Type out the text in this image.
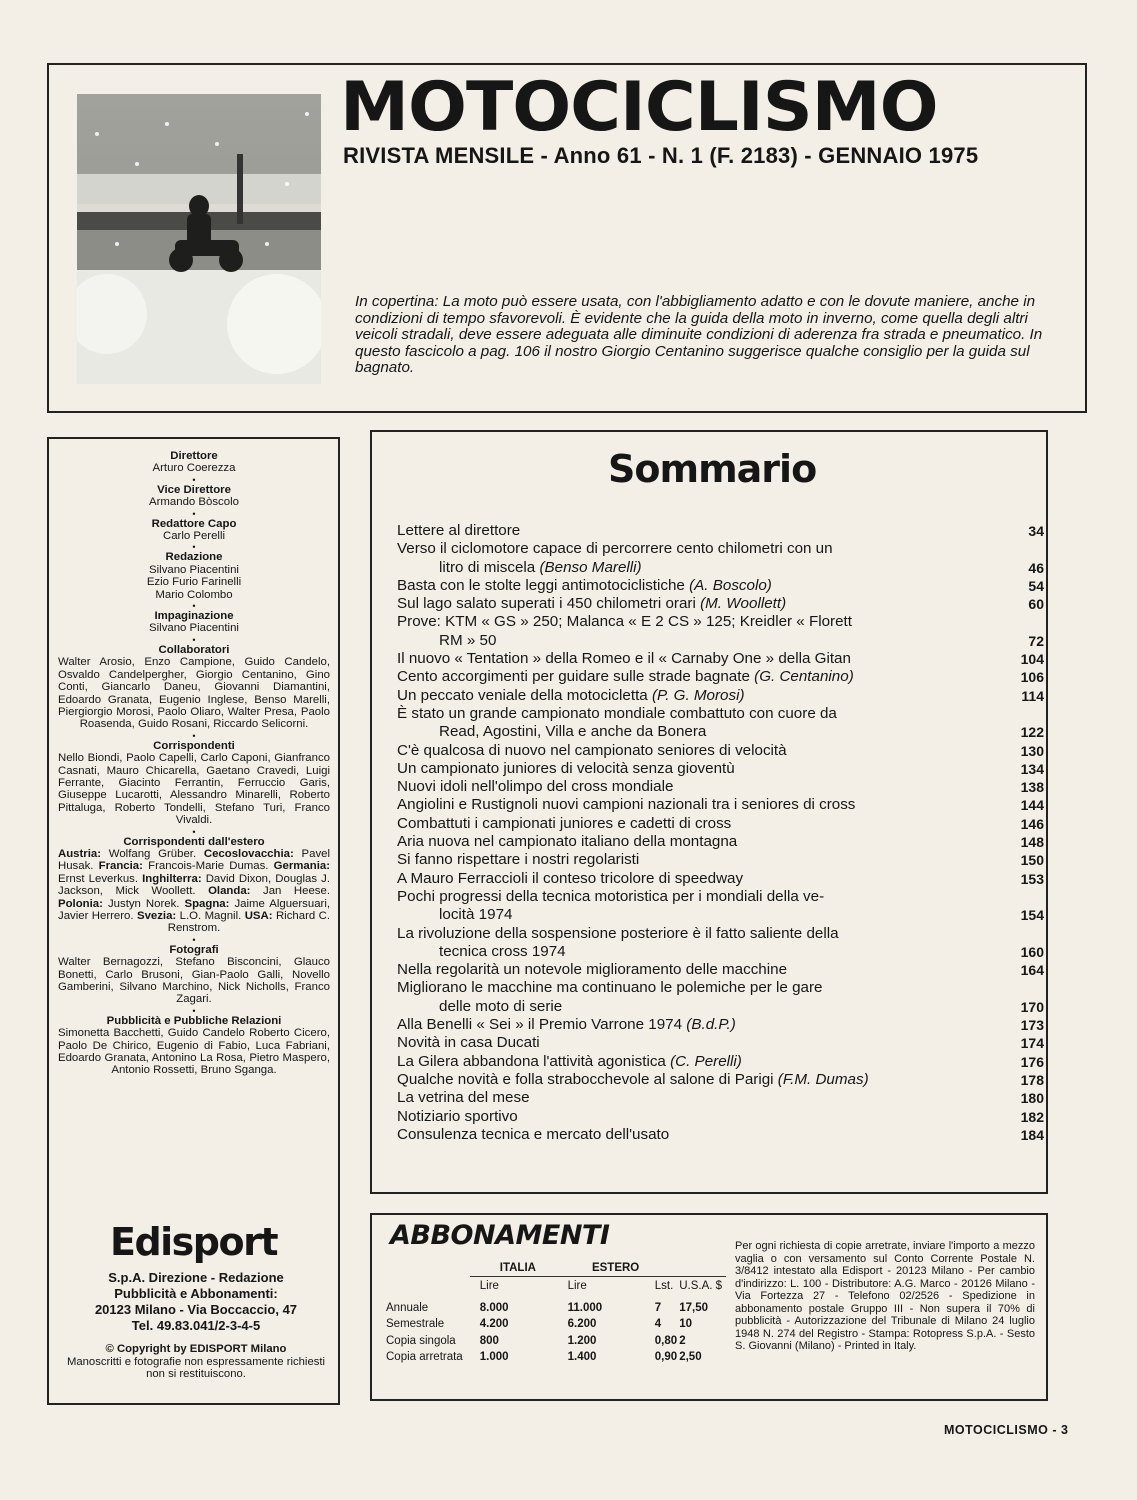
MOTOCICLISMO
RIVISTA MENSILE - Anno 61 - N. 1 (F. 2183) - GENNAIO 1975
In copertina: La moto può essere usata, con l'abbigliamento adatto e con le dovute maniere, anche in condizioni di tempo sfavorevoli. È evidente che la guida della moto in inverno, come quella degli altri veicoli stradali, deve essere adeguata alle diminuite condizioni di aderenza fra strada e pneumatico. In questo fascicolo a pag. 106 il nostro Giorgio Centanino suggerisce qualche consiglio per la guida sul bagnato.
Direttore
Arturo Coerezza
•
Vice Direttore
Armando Bòscolo
•
Redattore Capo
Carlo Perelli
•
Redazione
Silvano Piacentini
Ezio Furio Farinelli
Mario Colombo
•
Impaginazione
Silvano Piacentini
•
Collaboratori
Walter Arosio, Enzo Campione, Guido Candelo, Osvaldo Candelpergher, Giorgio Centanino, Gino Conti, Giancarlo Daneu, Giovanni Diamantini, Edoardo Granata, Eugenio Inglese, Benso Marelli, Piergiorgio Morosi, Paolo Oliaro, Walter Presa, Paolo Roasenda, Guido Rosani, Riccardo Selicorni.
•
Corrispondenti
Nello Biondi, Paolo Capelli, Carlo Caponi, Gianfranco Casnati, Mauro Chicarella, Gaetano Cravedi, Luigi Ferrante, Giacinto Ferrantin, Ferruccio Garis, Giuseppe Lucarotti, Alessandro Minarelli, Roberto Pittaluga, Roberto Tondelli, Stefano Turi, Franco Vivaldi.
•
Corrispondenti dall'estero
Austria: Wolfang Grüber. Cecoslovacchia: Pavel Husak. Francia: Francois-Marie Dumas. Germania: Ernst Leverkus. Inghilterra: David Dixon, Douglas J. Jackson, Mick Woollett. Olanda: Jan Heese. Polonia: Justyn Norek. Spagna: Jaime Alguersuari, Javier Herrero. Svezia: L.O. Magnil. USA: Richard C. Renstrom.
•
Fotografi
Walter Bernagozzi, Stefano Bisconcini, Glauco Bonetti, Carlo Brusoni, Gian-Paolo Galli, Novello Gamberini, Silvano Marchino, Nick Nicholls, Franco Zagari.
•
Pubblicità e Pubbliche Relazioni
Simonetta Bacchetti, Guido Candelo Roberto Cicero, Paolo De Chirico, Eugenio di Fabio, Luca Fabriani, Edoardo Granata, Antonino La Rosa, Pietro Maspero, Antonio Rossetti, Bruno Sganga.
Edisport
S.p.A. Direzione - Redazione
Pubblicità e Abbonamenti:
20123 Milano - Via Boccaccio, 47
Tel. 49.83.041/2-3-4-5
© Copyright by EDISPORT Milano
Manoscritti e fotografie non espressamente richiesti non si restituiscono.
Sommario
Lettere al direttore	34
Verso il ciclomotore capace di percorrere cento chilometri con un
litro di miscela (Benso Marelli)	46
Basta con le stolte leggi antimotociclistiche (A. Boscolo)	54
Sul lago salato superati i 450 chilometri orari (M. Woollett)	60
Prove: KTM « GS » 250; Malanca « E 2 CS » 125; Kreidler « Florett
RM » 50	72
Il nuovo « Tentation » della Romeo e il « Carnaby One » della Gitan	104
Cento accorgimenti per guidare sulle strade bagnate (G. Centanino)	106
Un peccato veniale della motocicletta (P. G. Morosi)	114
È stato un grande campionato mondiale combattuto con cuore da
Read, Agostini, Villa e anche da Bonera	122
C'è qualcosa di nuovo nel campionato seniores di velocità	130
Un campionato juniores di velocità senza gioventù	134
Nuovi idoli nell'olimpo del cross mondiale	138
Angiolini e Rustignoli nuovi campioni nazionali tra i seniores di cross	144
Combattuti i campionati juniores e cadetti di cross	146
Aria nuova nel campionato italiano della montagna	148
Si fanno rispettare i nostri regolaristi	150
A Mauro Ferraccioli il conteso tricolore di speedway	153
Pochi progressi della tecnica motoristica per i mondiali della ve-
locità 1974	154
La rivoluzione della sospensione posteriore è il fatto saliente della
tecnica cross 1974	160
Nella regolarità un notevole miglioramento delle macchine	164
Migliorano le macchine ma continuano le polemiche per le gare
delle moto di serie	170
Alla Benelli « Sei » il Premio Varrone 1974 (B.d.P.)	173
Novità in casa Ducati	174
La Gilera abbandona l'attività agonistica (C. Perelli)	176
Qualche novità e folla strabocchevole al salone di Parigi (F.M. Dumas)	178
La vetrina del mese	180
Notiziario sportivo	182
Consulenza tecnica e mercato dell'usato	184
ABBONAMENTI
	ITALIA ESTERO			
	Lire	Lire	Lst.	U.S.A. $

Annuale	8.000	11.000	7	17,50
Semestrale	4.200	6.200	4	10
Copia singola	800	1.200	0,80	2
Copia arretrata	1.000	1.400	0,90	2,50
Per ogni richiesta di copie arretrate, inviare l'importo a mezzo vaglia o con versamento sul Conto Corrente Postale N. 3/8412 intestato alla Edisport - 20123 Milano - Per cambio d'indirizzo: L. 100 - Distributore: A.G. Marco - 20126 Milano - Via Fortezza 27 - Telefono 02/2526 - Spedizione in abbonamento postale Gruppo III - Non supera il 70% di pubblicità - Autorizzazione del Tribunale di Milano 24 luglio 1948 N. 274 del Registro - Stampa: Rotopress S.p.A. - Sesto S. Giovanni (Milano) - Printed in Italy.
MOTOCICLISMO - 3
